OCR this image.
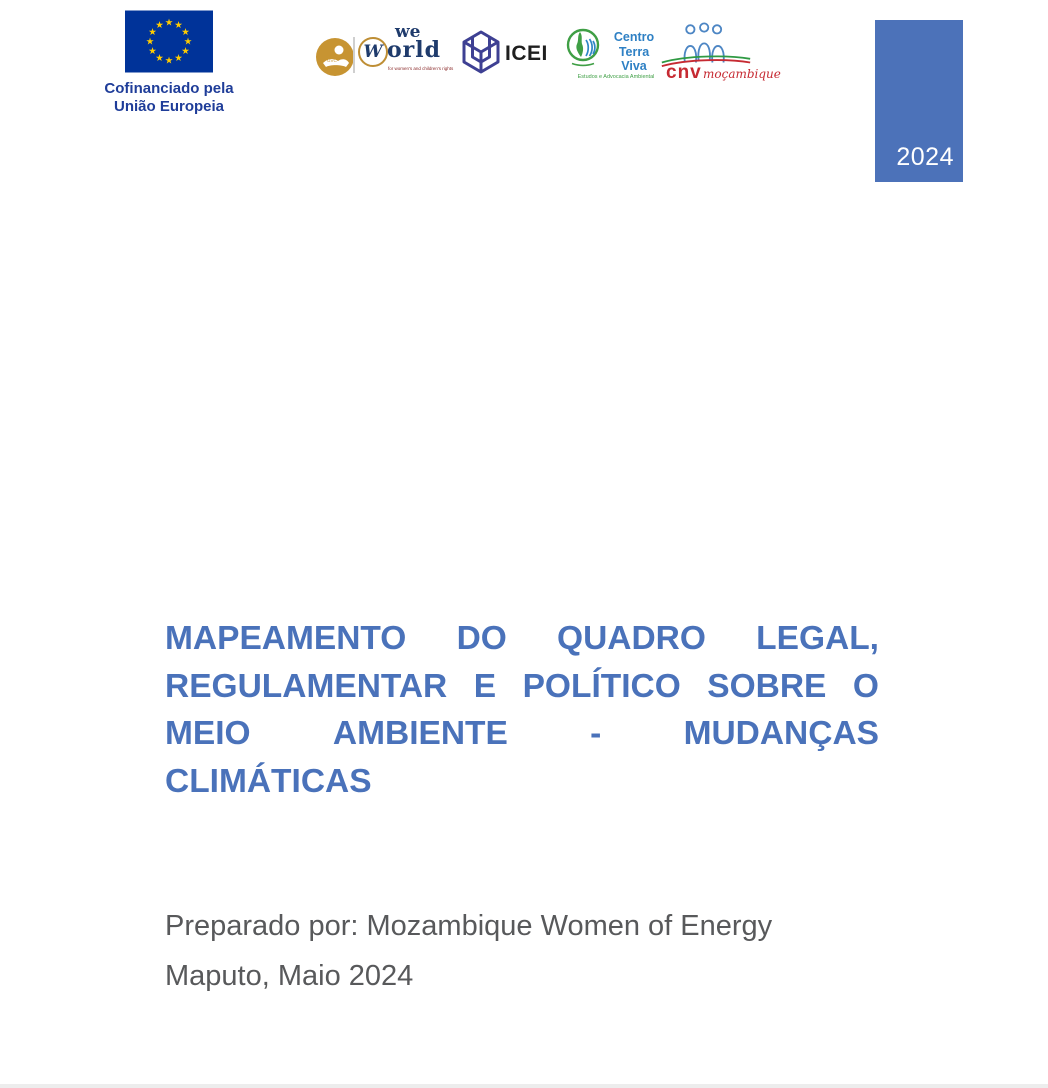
★ ★
★
★
★
★
★
★
★
★
★
★
Cofinanciado pela
União Europeia
GVC W
we
orld
for women's and children's rights
ICEI
Centro
Terra
Viva
Estudos e Advocacia Ambiental cnv moçambique
2024
MAPEAMENTO DO QUADRO LEGAL,
REGULAMENTAR E POLÍTICO SOBRE O
MEIO AMBIENTE - MUDANÇAS
CLIMÁTICAS
Preparado por: Mozambique Women of Energy
Maputo, Maio 2024
